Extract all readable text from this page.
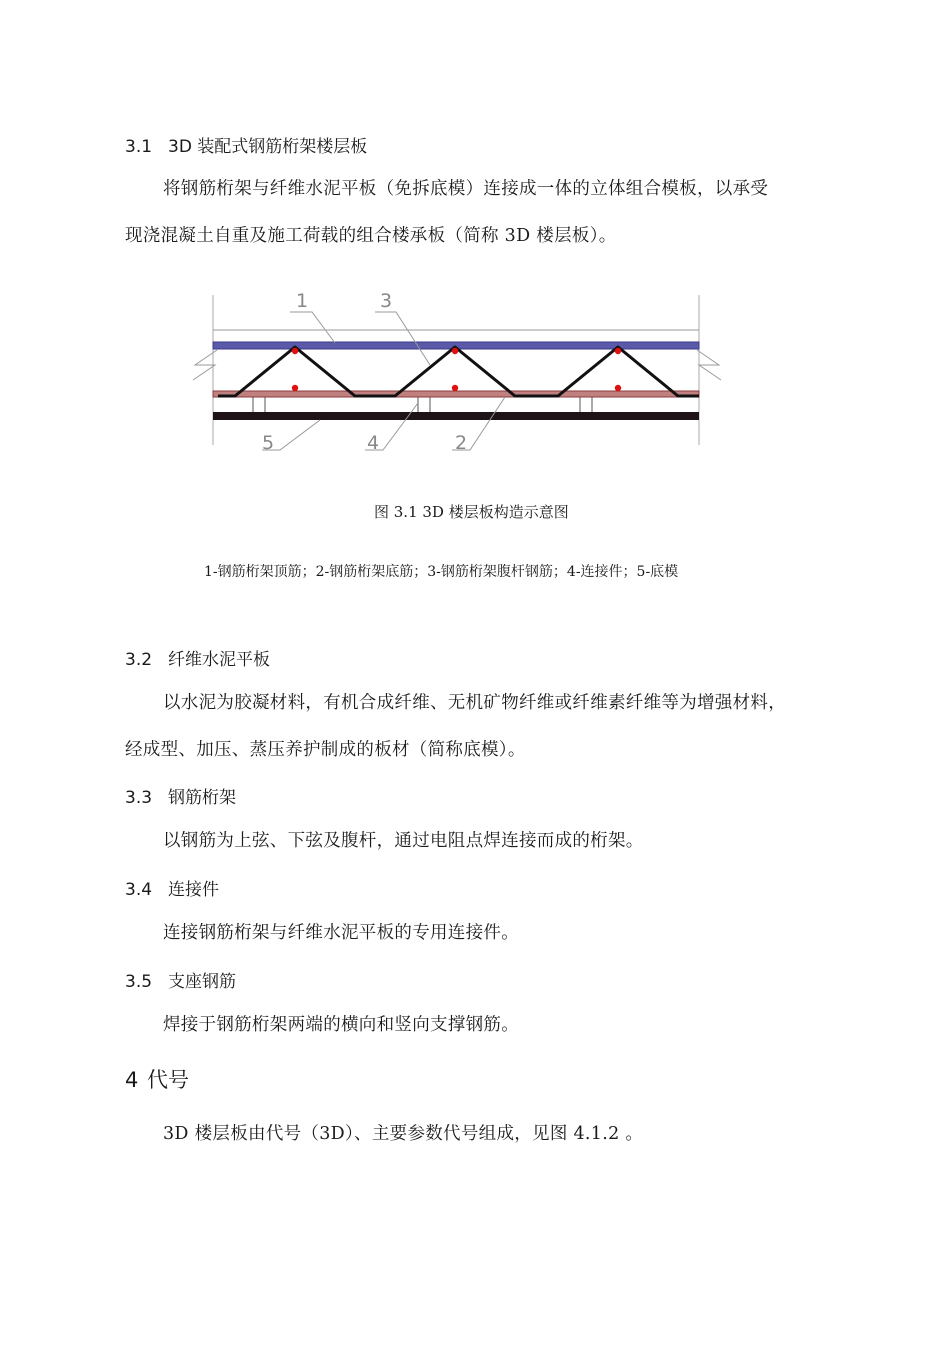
3.1 3D 装配式钢筋桁架楼层板
将钢筋桁架与纤维水泥平板（免拆底模）连接成一体的立体组合模板，以承受
现浇混凝土自重及施工荷载的组合楼承板（简称 3D 楼层板）。
1	3
5	4	2
图 3.1 3D 楼层板构造示意图
1-钢筋桁架顶筋；2-钢筋桁架底筋；3-钢筋桁架腹杆钢筋；4-连接件；5-底模
3.2 纤维水泥平板
以水泥为胶凝材料，有机合成纤维、无机矿物纤维或纤维素纤维等为增强材料，
经成型、加压、蒸压养护制成的板材（简称底模）。
3.3 钢筋桁架
以钢筋为上弦、下弦及腹杆，通过电阻点焊连接而成的桁架。
3.4 连接件
连接钢筋桁架与纤维水泥平板的专用连接件。
3.5 支座钢筋
焊接于钢筋桁架两端的横向和竖向支撑钢筋。
4 代号
3D 楼层板由代号（3D）、主要参数代号组成，见图 4.1.2 。
